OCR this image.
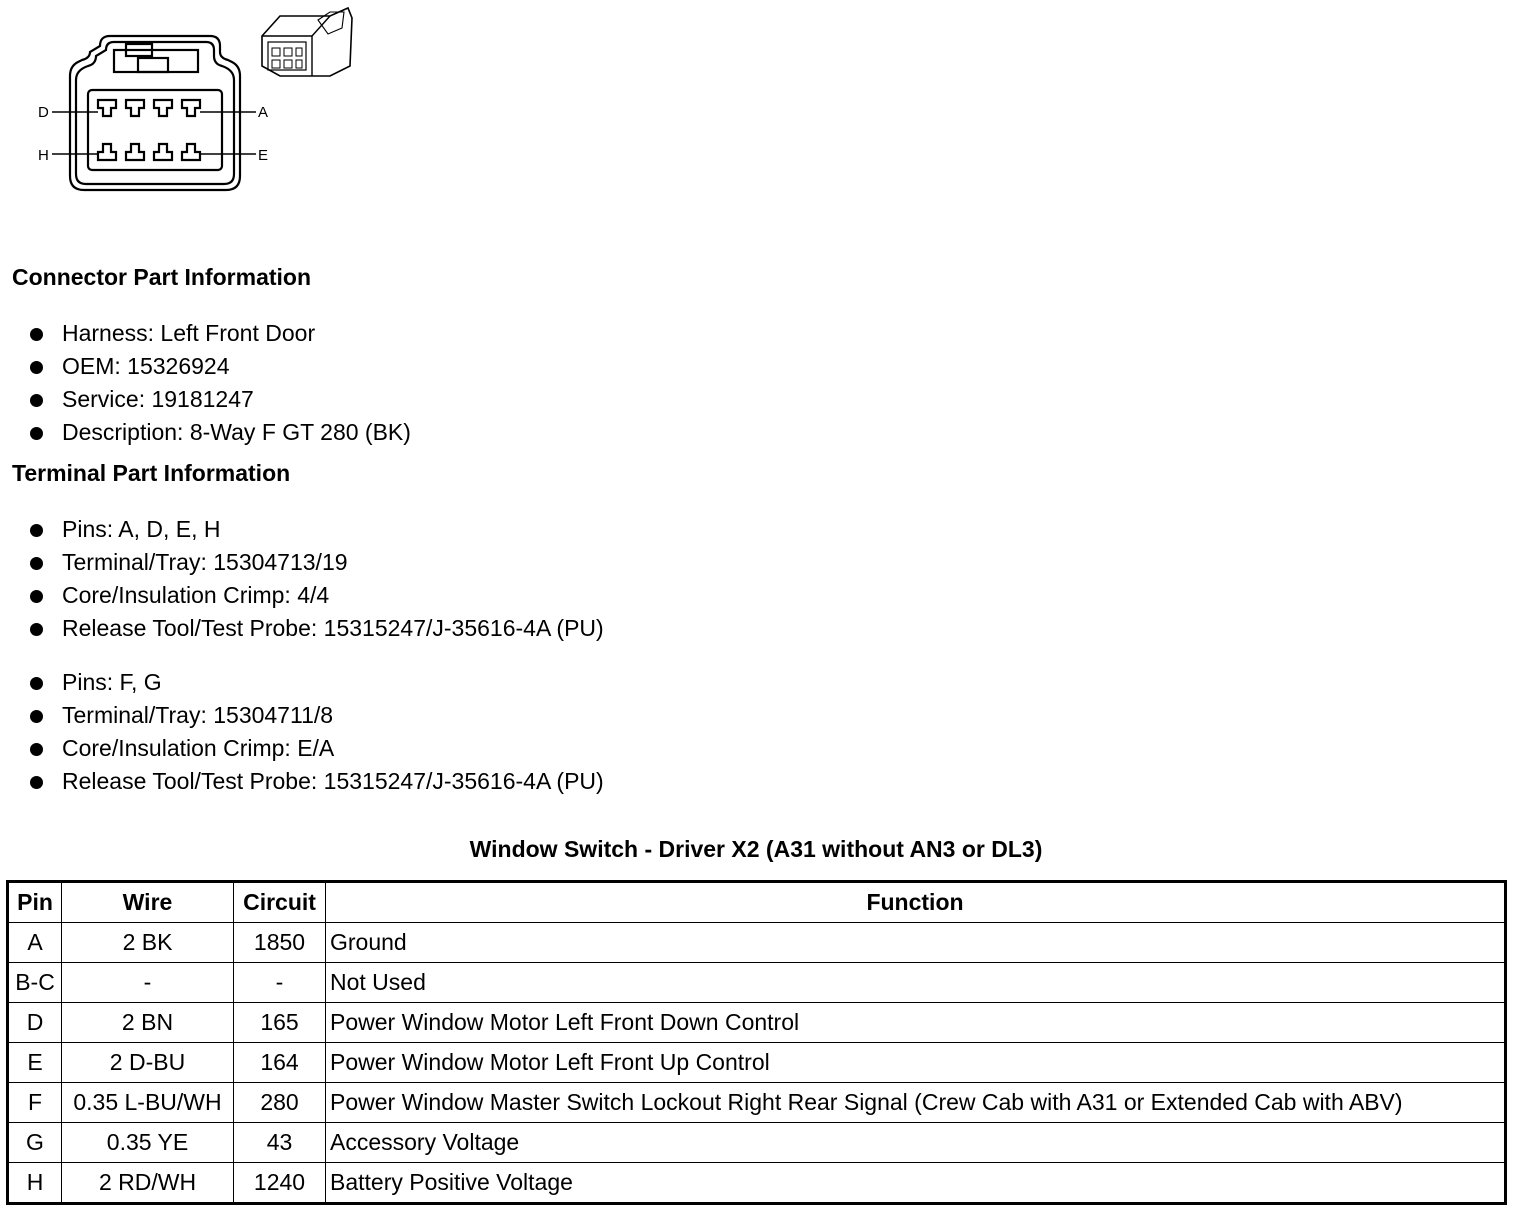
D	A
H	E
Connector Part Information
Harness: Left Front Door
OEM: 15326924
Service: 19181247
Description: 8-Way F GT 280 (BK)
Terminal Part Information
Pins: A, D, E, H
Terminal/Tray: 15304713/19
Core/Insulation Crimp: 4/4
Release Tool/Test Probe: 15315247/J-35616-4A (PU)
Pins: F, G
Terminal/Tray: 15304711/8
Core/Insulation Crimp: E/A
Release Tool/Test Probe: 15315247/J-35616-4A (PU)
Window Switch - Driver X2 (A31 without AN3 or DL3)
Pin	Wire	Circuit	Function
A	2 BK	1850	Ground
B-C	-	-	Not Used
D	2 BN	165	Power Window Motor Left Front Down Control
E	2 D-BU	164	Power Window Motor Left Front Up Control
F	0.35 L-BU/WH	280	Power Window Master Switch Lockout Right Rear Signal (Crew Cab with A31 or Extended Cab with ABV)
G	0.35 YE	43	Accessory Voltage
H	2 RD/WH	1240	Battery Positive Voltage
